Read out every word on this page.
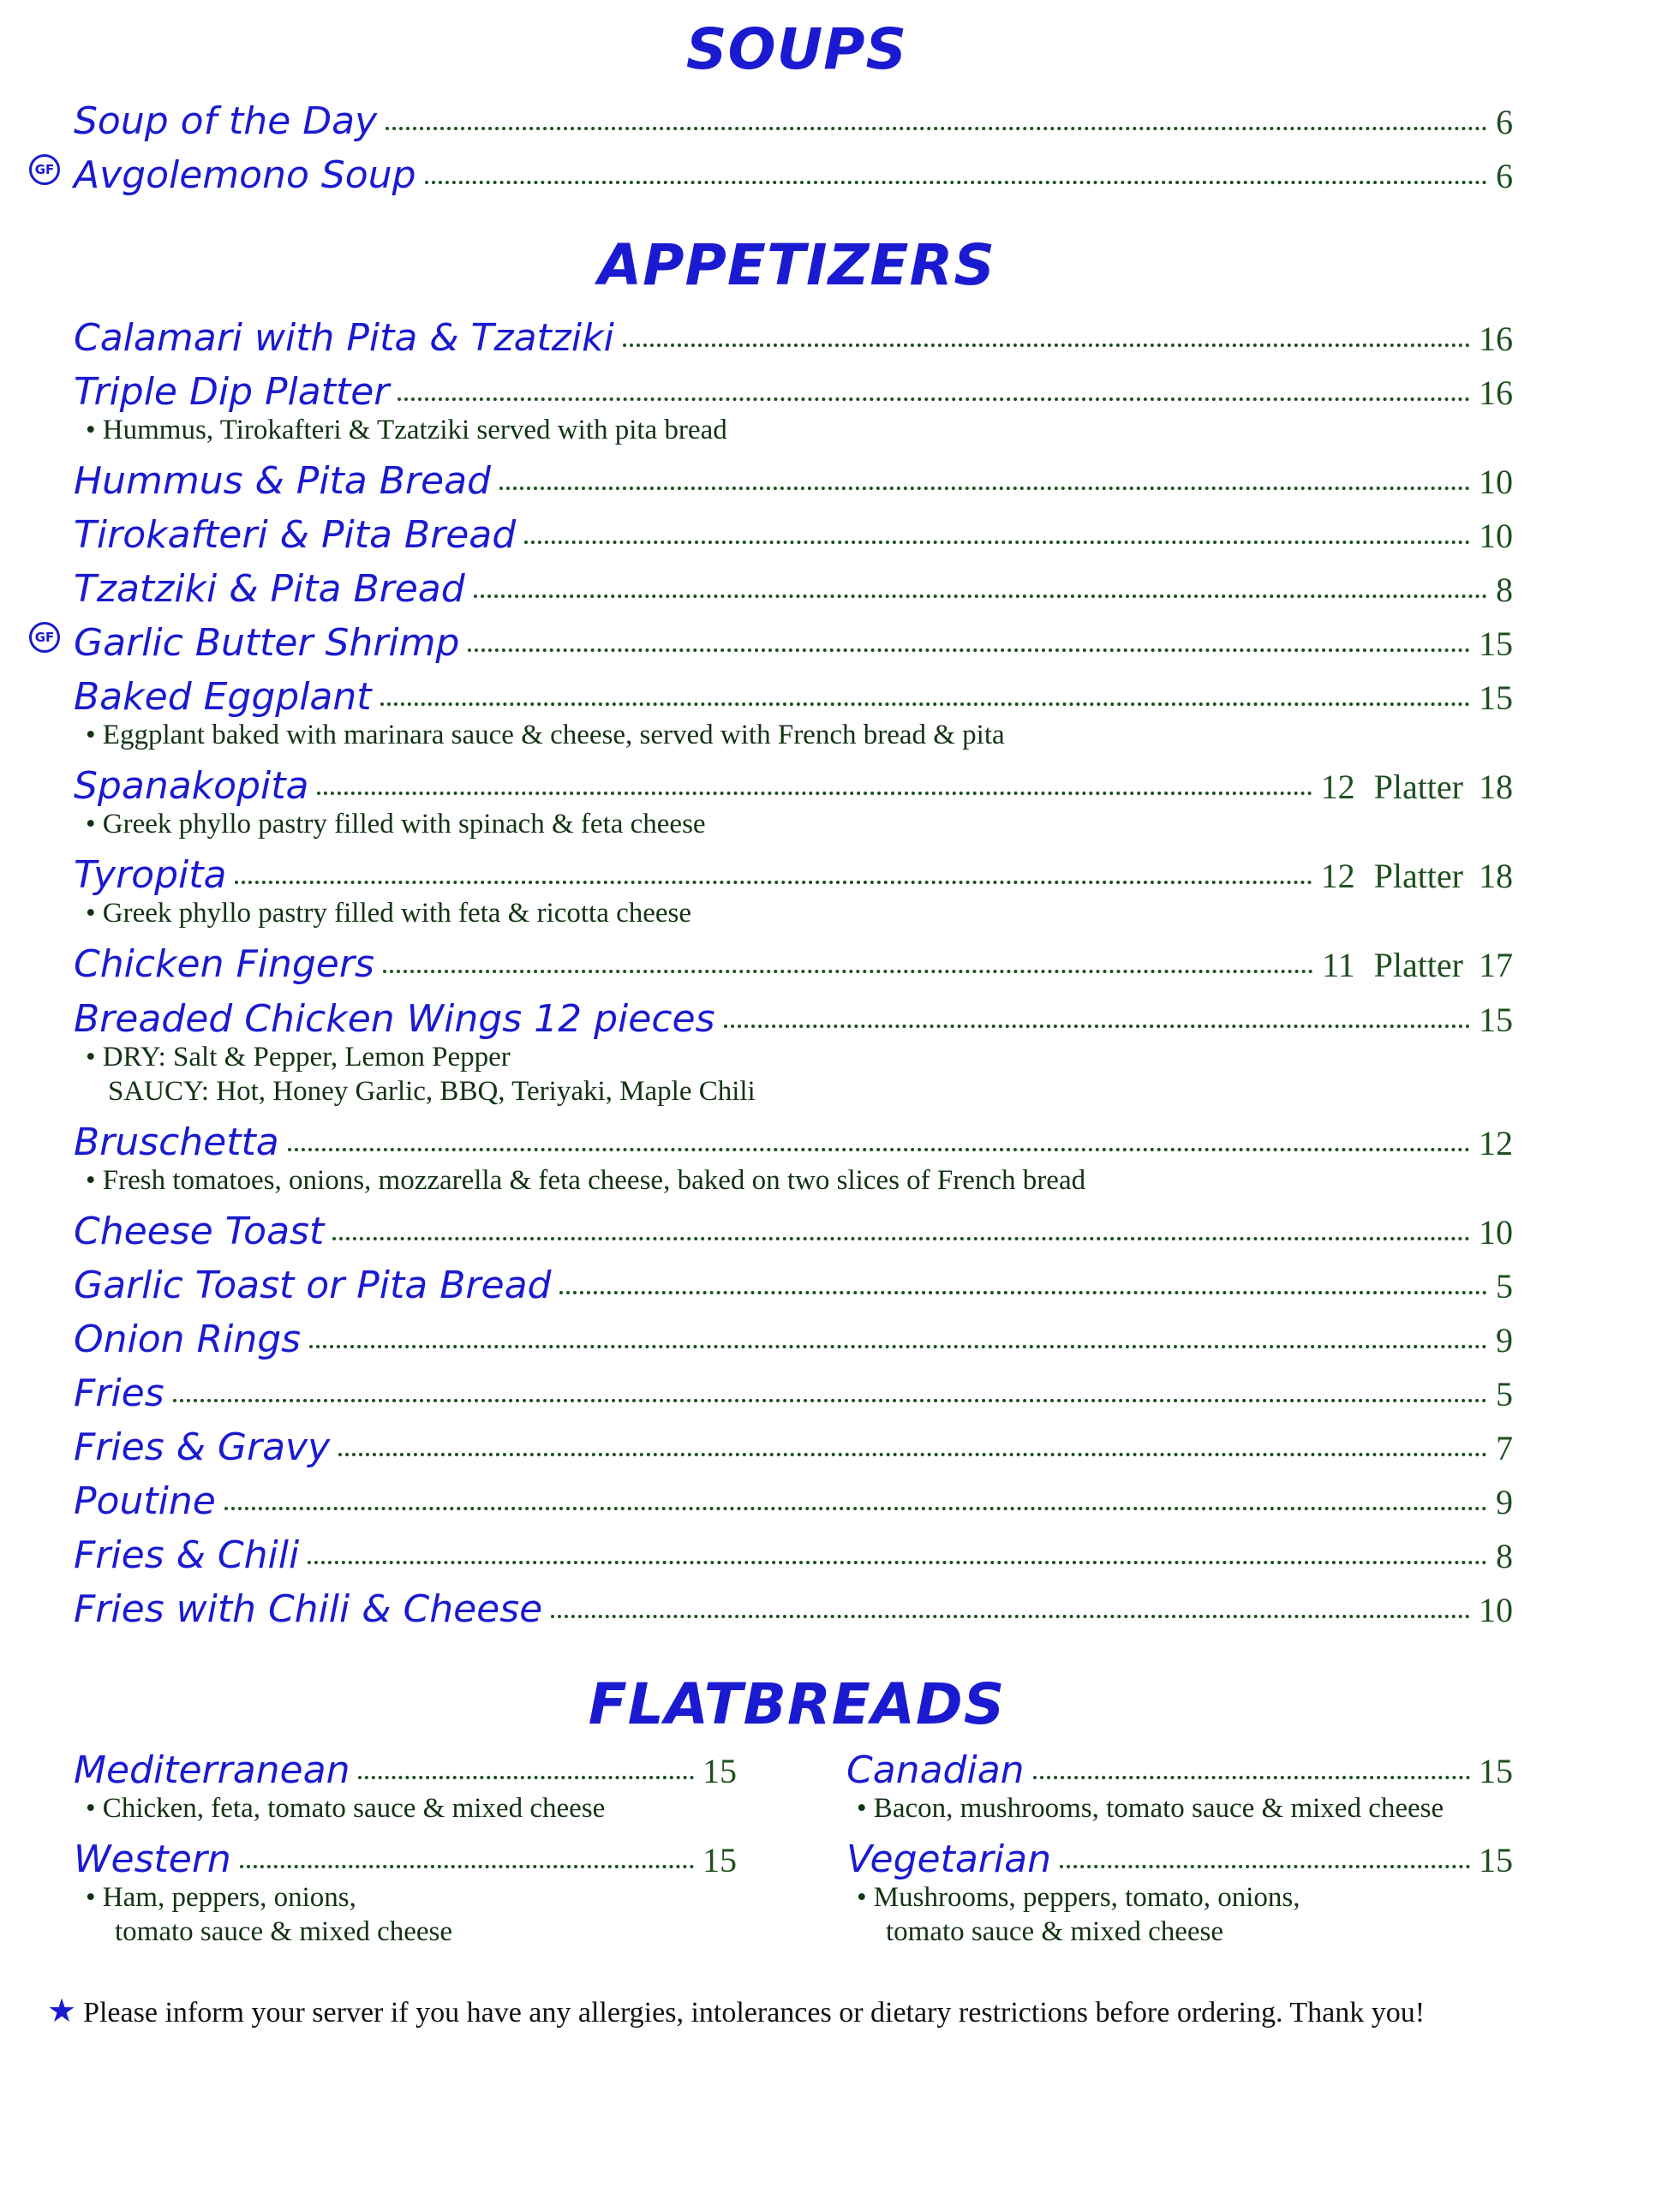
SOUPS
Soup of the Day	6
GF Avgolemono Soup	6
APPETIZERS
Calamari with Pita & Tzatziki	16
Triple Dip Platter	16
• Hummus, Tirokafteri & Tzatziki served with pita bread
Hummus & Pita Bread	10
Tirokafteri & Pita Bread	10
Tzatziki & Pita Bread	8
GF Garlic Butter Shrimp	15
Baked Eggplant	15
• Eggplant baked with marinara sauce & cheese, served with French bread & pita
Spanakopita	12 Platter 18
• Greek phyllo pastry filled with spinach & feta cheese
Tyropita	12 Platter 18
• Greek phyllo pastry filled with feta & ricotta cheese
Chicken Fingers	11 Platter 17
Breaded Chicken Wings 12 pieces	15
• DRY: Salt & Pepper, Lemon Pepper
SAUCY: Hot, Honey Garlic, BBQ, Teriyaki, Maple Chili
Bruschetta	12
• Fresh tomatoes, onions, mozzarella & feta cheese, baked on two slices of French bread
Cheese Toast	10
Garlic Toast or Pita Bread	5
Onion Rings	9
Fries	5
Fries & Gravy	7
Poutine	9
Fries & Chili	8
Fries with Chili & Cheese	10
FLATBREADS
Mediterranean	15
• Chicken, feta, tomato sauce & mixed cheese
Canadian	15
• Bacon, mushrooms, tomato sauce & mixed cheese
Western	15
• Ham, peppers, onions,
tomato sauce & mixed cheese
Vegetarian	15
• Mushrooms, peppers, tomato, onions,
tomato sauce & mixed cheese
★ Please inform your server if you have any allergies, intolerances or dietary restrictions before ordering. Thank you!
